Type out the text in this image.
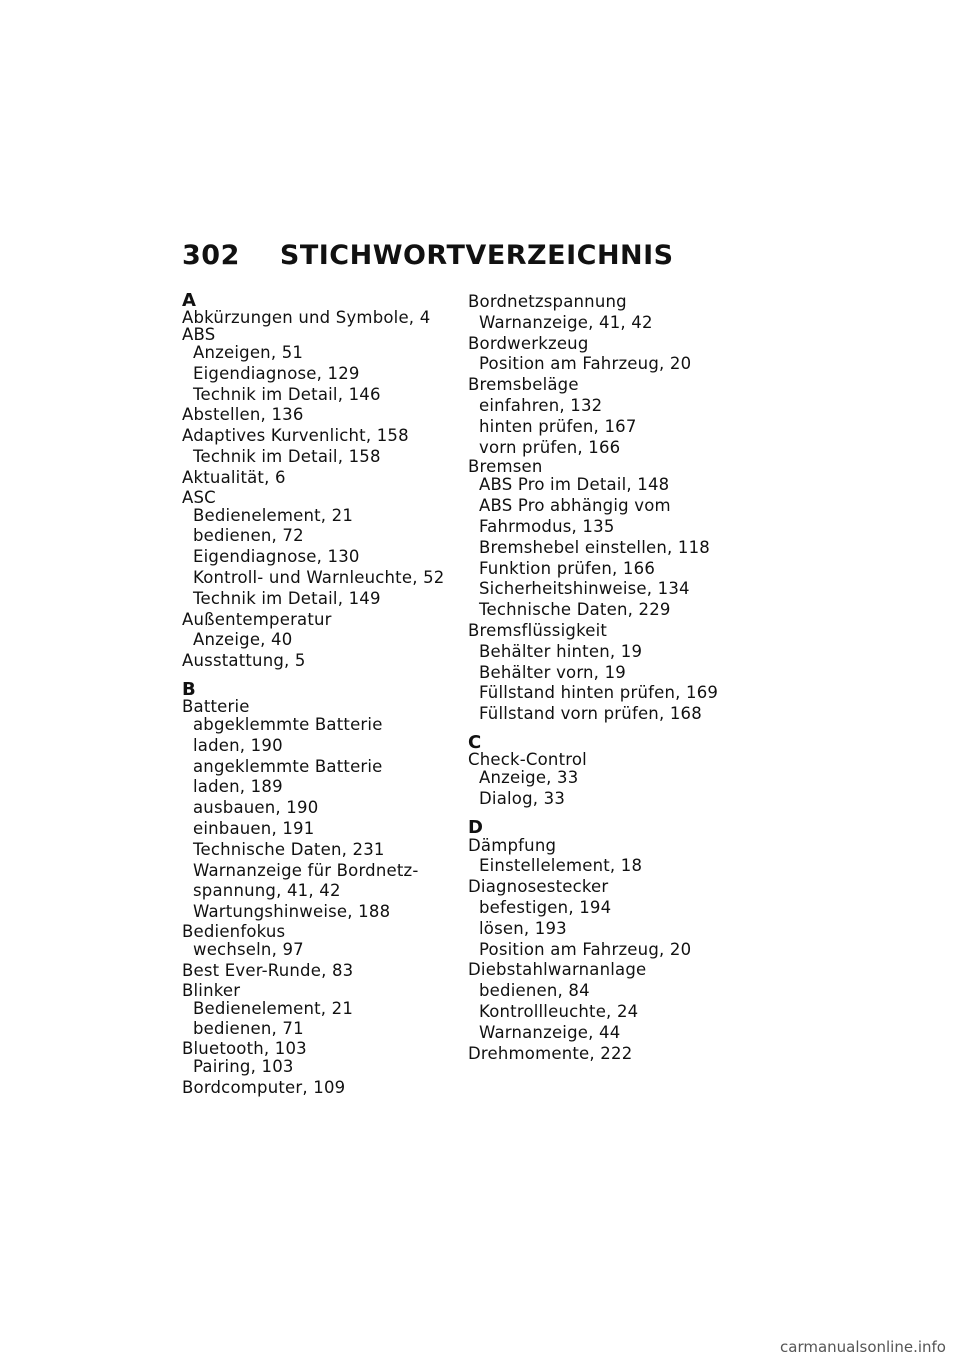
302 STICHWORTVERZEICHNIS
A
Abkürzungen und Symbole, 4
ABS
Anzeigen, 51
Eigendiagnose, 129
Technik im Detail, 146
Abstellen, 136
Adaptives Kurvenlicht, 158
Technik im Detail, 158
Aktualität, 6
ASC
Bedienelement, 21
bedienen, 72
Eigendiagnose, 130
Kontroll- und Warnleuchte, 52
Technik im Detail, 149
Außentemperatur
Anzeige, 40
Ausstattung, 5
B
Batterie
abgeklemmte Batterie
laden, 190
angeklemmte Batterie
laden, 189
ausbauen, 190
einbauen, 191
Technische Daten, 231
Warnanzeige für Bordnetz-
spannung, 41, 42
Wartungshinweise, 188
Bedienfokus
wechseln, 97
Best Ever-Runde, 83
Blinker
Bedienelement, 21
bedienen, 71
Bluetooth, 103
Pairing, 103
Bordcomputer, 109
Bordnetzspannung
Warnanzeige, 41, 42
Bordwerkzeug
Position am Fahrzeug, 20
Bremsbeläge
einfahren, 132
hinten prüfen, 167
vorn prüfen, 166
Bremsen
ABS Pro im Detail, 148
ABS Pro abhängig vom
Fahrmodus, 135
Bremshebel einstellen, 118
Funktion prüfen, 166
Sicherheitshinweise, 134
Technische Daten, 229
Bremsflüssigkeit
Behälter hinten, 19
Behälter vorn, 19
Füllstand hinten prüfen, 169
Füllstand vorn prüfen, 168
C
Check-Control
Anzeige, 33
Dialog, 33
D
Dämpfung
Einstellelement, 18
Diagnosestecker
befestigen, 194
lösen, 193
Position am Fahrzeug, 20
Diebstahlwarnanlage
bedienen, 84
Kontrollleuchte, 24
Warnanzeige, 44
Drehmomente, 222
carmanualsonline.info
